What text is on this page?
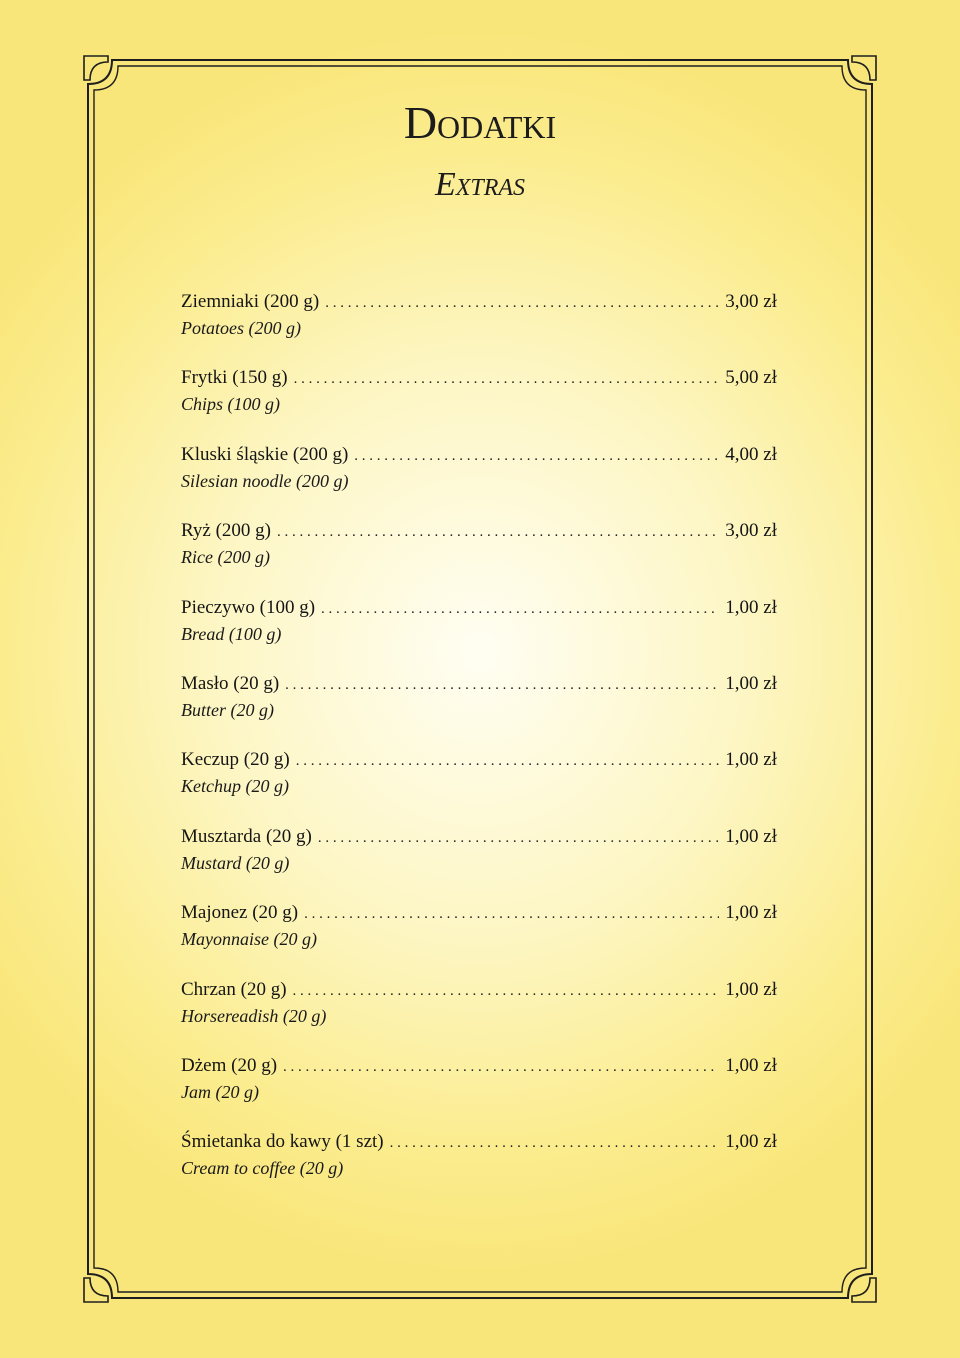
Dodatki
Extras
Ziemniaki (200 g) . . .	3,00 zł
Potatoes (200 g)
Frytki (150 g) . . .	5,00 zł
Chips (100 g)
Kluski śląskie (200 g) . . .	4,00 zł
Silesian noodle (200 g)
Ryż (200 g) . . .	3,00 zł
Rice (200 g)
Pieczywo (100 g) . . .	1,00 zł
Bread (100 g)
Masło (20 g) . . .	1,00 zł
Butter (20 g)
Keczup (20 g) . . .	1,00 zł
Ketchup (20 g)
Musztarda (20 g) . . .	1,00 zł
Mustard (20 g)
Majonez (20 g) . . .	1,00 zł
Mayonnaise (20 g)
Chrzan (20 g) . . .	1,00 zł
Horsereadish (20 g)
Dżem (20 g) . . .	1,00 zł
Jam (20 g)
Śmietanka do kawy (1 szt) . . .	1,00 zł
Cream to coffee (20 g)
